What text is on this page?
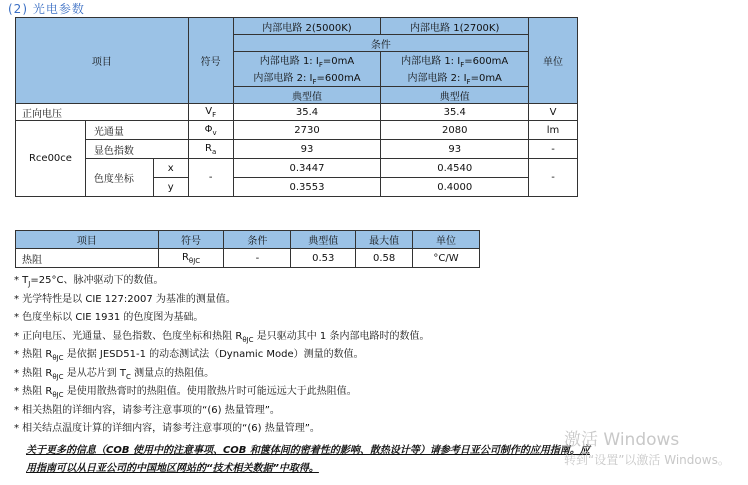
(2) 光电参数
项目			符号	内部电路 2(5000K)	内部电路 1(2700K)	单位
				条件		
				内部电路 1: $I_F=0mA$	内部电路 1: $I_F=600mA$	
				内部电路 2: $I_F=600mA$	内部电路 2: $I_F=0mA$	
				典型值	典型值	
正向电压			$V_F$	35.4	35.4	V
Rce00ce	光通量		$\Phi_v$	2730	2080	lm
	显色指数		$R_a$	93	93	-
	色度坐标	x	-	0.3447	0.4540	-
		y		0.3553	0.4000	
项目	符号	条件	典型值	最大值	单位
热阻	$R_{\theta JC}$	-	0.53	0.58	°C/W
* $T_J=25^\circ C$、脉冲驱动下的数值。
* 光学特性是以 CIE 127:2007 为基准的测量值。
* 色度坐标以 CIE 1931 的色度图为基础。
* 正向电压、光通量、显色指数、色度坐标和热阻 $R_{\theta JC}$ 是只驱动其中 1 条内部电路时的数值。
* 热阻 $R_{\theta JC}$ 是依据 JESD51-1 的动态测试法（Dynamic Mode）测量的数值。
* 热阻 $R_{\theta JC}$ 是从芯片到 $T_C$ 测量点的热阻值。
* 热阻 $R_{\theta JC}$ 是使用散热膏时的热阻值。使用散热片时可能远远大于此热阻值。
* 相关热阻的详细内容，请参考注意事项的“(6) 热量管理”。
* 相关结点温度计算的详细内容，请参考注意事项的“(6) 热量管理”。
关于更多的信息（COB 使用中的注意事项、COB 和箧体间的密着性的影响、散热设计等）请参考日亚公司制作的应用指南。应
用指南可以从日亚公司的中国地区网站的“技术相关数据”中取得。
激活 Windows
转到“设置”以激活 Windows。
